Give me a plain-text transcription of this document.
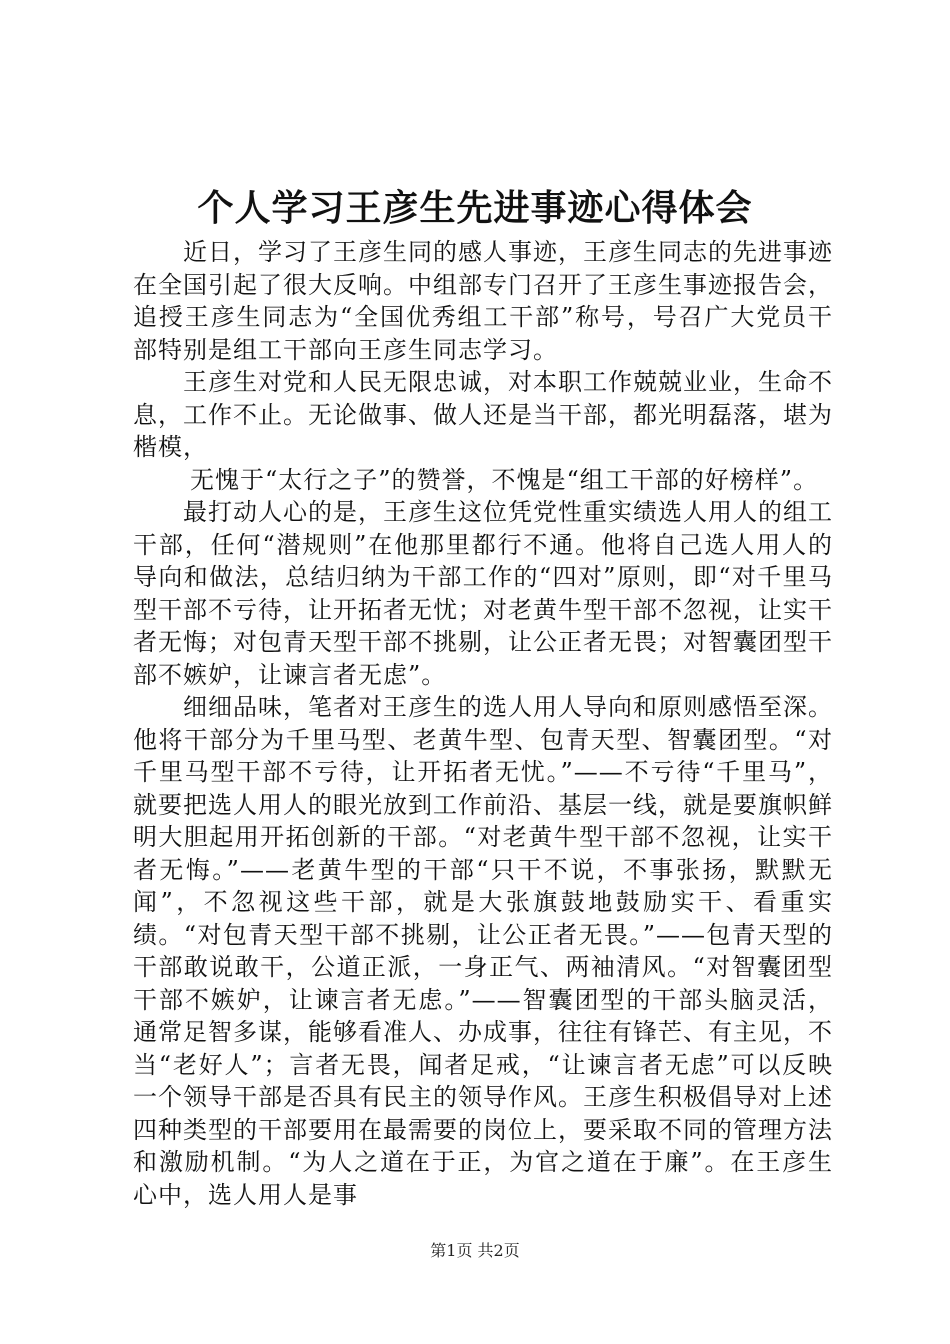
个人学习王彦生先进事迹心得体会

近日，学习了王彦生同的感人事迹，王彦生同志的先进事迹在全国引起了很大反响。中组部专门召开了王彦生事迹报告会，追授王彦生同志为“全国优秀组工干部”称号，号召广大党员干部特别是组工干部向王彦生同志学习。

王彦生对党和人民无限忠诚，对本职工作兢兢业业，生命不息，工作不止。无论做事、做人还是当干部，都光明磊落，堪为楷模，

无愧于“太行之子”的赞誉，不愧是“组工干部的好榜样”。

最打动人心的是，王彦生这位凭党性重实绩选人用人的组工干部，任何“潜规则”在他那里都行不通。他将自己选人用人的导向和做法，总结归纳为干部工作的“四对”原则，即“对千里马型干部不亏待，让开拓者无忧；对老黄牛型干部不忽视，让实干者无悔；对包青天型干部不挑剔，让公正者无畏；对智囊团型干部不嫉妒，让谏言者无虑”。

细细品味，笔者对王彦生的选人用人导向和原则感悟至深。他将干部分为千里马型、老黄牛型、包青天型、智囊团型。“对千里马型干部不亏待，让开拓者无忧。”——不亏待“千里马”，就要把选人用人的眼光放到工作前沿、基层一线，就是要旗帜鲜明大胆起用开拓创新的干部。“对老黄牛型干部不忽视，让实干者无悔。”——老黄牛型的干部“只干不说，不事张扬，默默无闻”，不忽视这些干部，就是大张旗鼓地鼓励实干、看重实绩。“对包青天型干部不挑剔，让公正者无畏。”——包青天型的干部敢说敢干，公道正派，一身正气、两袖清风。“对智囊团型干部不嫉妒，让谏言者无虑。”——智囊团型的干部头脑灵活，通常足智多谋，能够看准人、办成事，往往有锋芒、有主见，不当“老好人”；言者无畏，闻者足戒，“让谏言者无虑”可以反映一个领导干部是否具有民主的领导作风。王彦生积极倡导对上述四种类型的干部要用在最需要的岗位上，要采取不同的管理方法和激励机制。“为人之道在于正，为官之道在于廉”。在王彦生心中，选人用人是事

第1页 共2页
